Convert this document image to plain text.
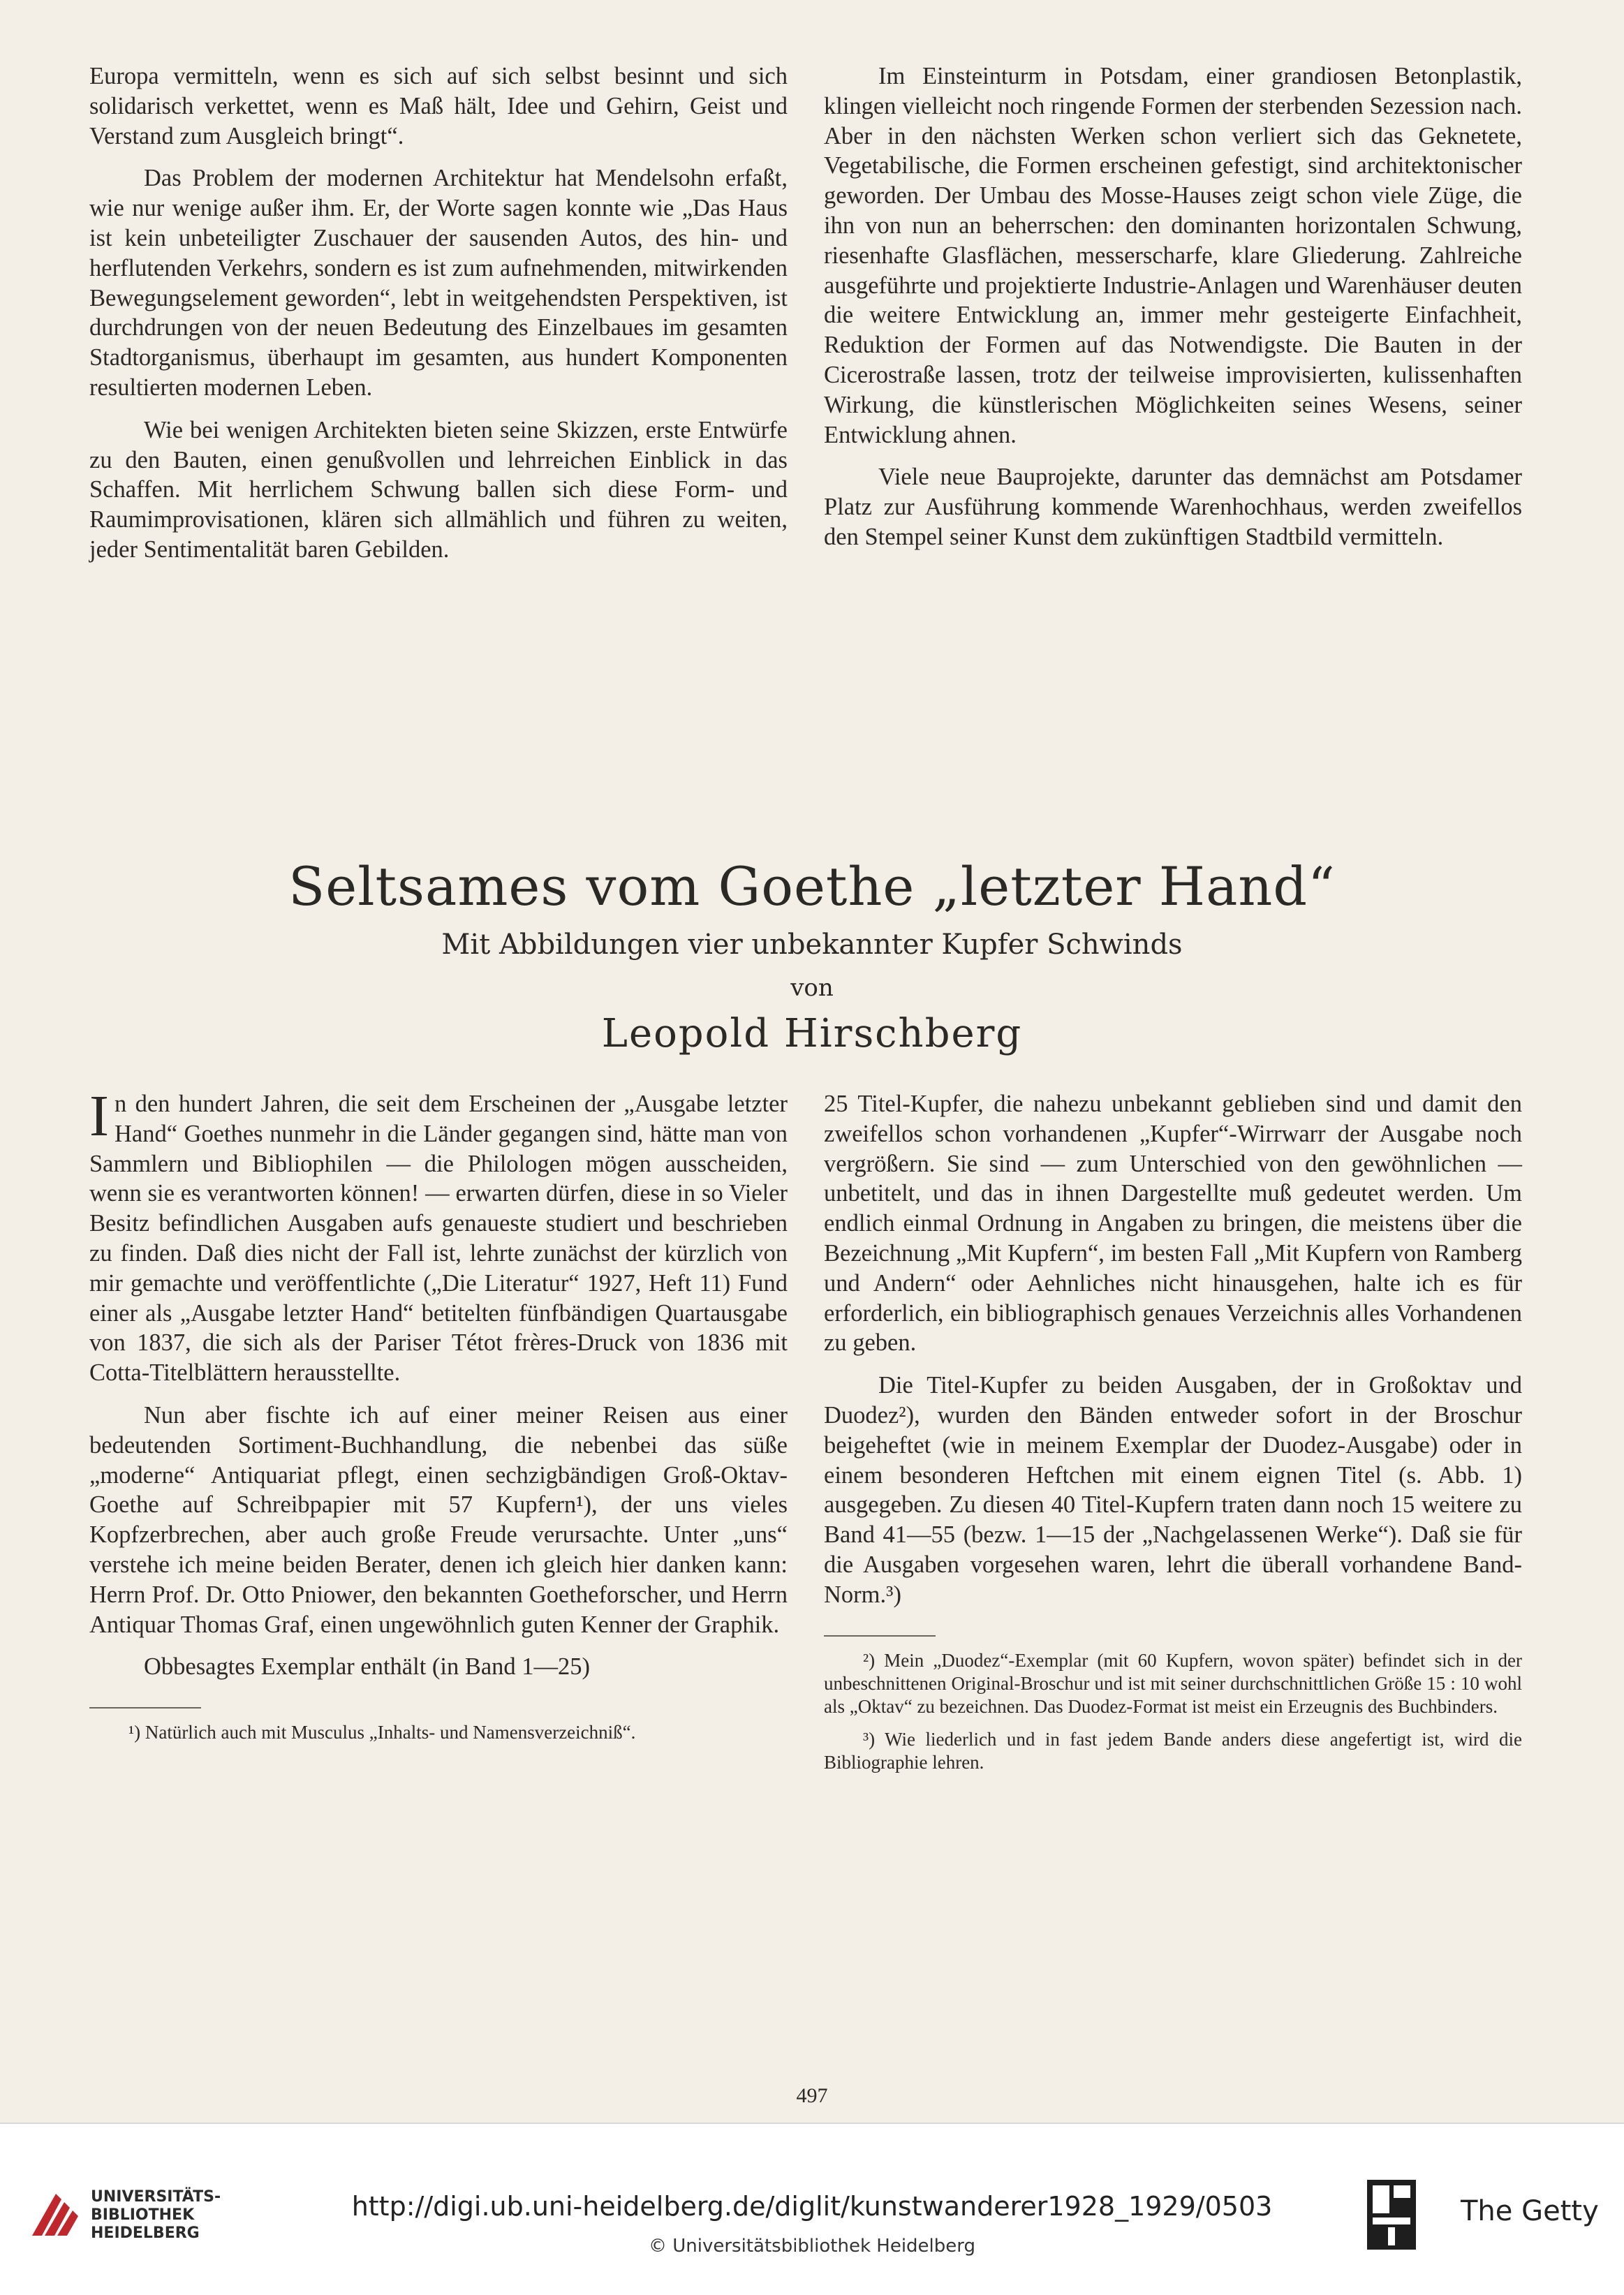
Europa vermitteln, wenn es sich auf sich selbst besinnt und sich solidarisch verkettet, wenn es Maß hält, Idee und Gehirn, Geist und Verstand zum Ausgleich bringt“.

Das Problem der modernen Architektur hat Mendelsohn erfaßt, wie nur wenige außer ihm. Er, der Worte sagen konnte wie „Das Haus ist kein unbeteiligter Zuschauer der sausenden Autos, des hin- und herflutenden Verkehrs, sondern es ist zum aufnehmenden, mitwirkenden Bewegungselement geworden“, lebt in weitgehendsten Perspektiven, ist durchdrungen von der neuen Bedeutung des Einzelbaues im gesamten Stadtorganismus, überhaupt im gesamten, aus hundert Komponenten resultierten modernen Leben.

Wie bei wenigen Architekten bieten seine Skizzen, erste Entwürfe zu den Bauten, einen genußvollen und lehrreichen Einblick in das Schaffen. Mit herrlichem Schwung ballen sich diese Form- und Raumimprovisationen, klären sich allmählich und führen zu weiten, jeder Sentimentalität baren Gebilden.

Im Einsteinturm in Potsdam, einer grandiosen Betonplastik, klingen vielleicht noch ringende Formen der sterbenden Sezession nach. Aber in den nächsten Werken schon verliert sich das Geknetete, Vegetabilische, die Formen erscheinen gefestigt, sind architektonischer geworden. Der Umbau des Mosse-Hauses zeigt schon viele Züge, die ihn von nun an beherrschen: den dominanten horizontalen Schwung, riesenhafte Glasflächen, messerscharfe, klare Gliederung. Zahlreiche ausgeführte und projektierte Industrie-Anlagen und Warenhäuser deuten die weitere Entwicklung an, immer mehr gesteigerte Einfachheit, Reduktion der Formen auf das Notwendigste. Die Bauten in der Cicerostraße lassen, trotz der teilweise improvisierten, kulissenhaften Wirkung, die künstlerischen Möglichkeiten seines Wesens, seiner Entwicklung ahnen.

Viele neue Bauprojekte, darunter das demnächst am Potsdamer Platz zur Ausführung kommende Warenhochhaus, werden zweifellos den Stempel seiner Kunst dem zukünftigen Stadtbild vermitteln.

Seltsames vom Goethe „letzter Hand“
Mit Abbildungen vier unbekannter Kupfer Schwinds
von
Leopold Hirschberg

In den hundert Jahren, die seit dem Erscheinen der „Ausgabe letzter Hand“ Goethes nunmehr in die Länder gegangen sind, hätte man von Sammlern und Bibliophilen — die Philologen mögen ausscheiden, wenn sie es verantworten können! — erwarten dürfen, diese in so Vieler Besitz befindlichen Ausgaben aufs genaueste studiert und beschrieben zu finden. Daß dies nicht der Fall ist, lehrte zunächst der kürzlich von mir gemachte und veröffentlichte („Die Literatur“ 1927, Heft 11) Fund einer als „Ausgabe letzter Hand“ betitelten fünfbändigen Quartausgabe von 1837, die sich als der Pariser Tétot frères-Druck von 1836 mit Cotta-Titelblättern herausstellte.

Nun aber fischte ich auf einer meiner Reisen aus einer bedeutenden Sortiment-Buchhandlung, die nebenbei das süße „moderne“ Antiquariat pflegt, einen sechzigbändigen Groß-Oktav-Goethe auf Schreibpapier mit 57 Kupfern¹), der uns vieles Kopfzerbrechen, aber auch große Freude verursachte. Unter „uns“ verstehe ich meine beiden Berater, denen ich gleich hier danken kann: Herrn Prof. Dr. Otto Pniower, den bekannten Goetheforscher, und Herrn Antiquar Thomas Graf, einen ungewöhnlich guten Kenner der Graphik.

Obbesagtes Exemplar enthält (in Band 1—25)

¹) Natürlich auch mit Musculus „Inhalts- und Namensverzeichniß“.

25 Titel-Kupfer, die nahezu unbekannt geblieben sind und damit den zweifellos schon vorhandenen „Kupfer“-Wirrwarr der Ausgabe noch vergrößern. Sie sind — zum Unterschied von den gewöhnlichen — unbetitelt, und das in ihnen Dargestellte muß gedeutet werden. Um endlich einmal Ordnung in Angaben zu bringen, die meistens über die Bezeichnung „Mit Kupfern“, im besten Fall „Mit Kupfern von Ramberg und Andern“ oder Aehnliches nicht hinausgehen, halte ich es für erforderlich, ein bibliographisch genaues Verzeichnis alles Vorhandenen zu geben.

Die Titel-Kupfer zu beiden Ausgaben, der in Großoktav und Duodez²), wurden den Bänden entweder sofort in der Broschur beigeheftet (wie in meinem Exemplar der Duodez-Ausgabe) oder in einem besonderen Heftchen mit einem eignen Titel (s. Abb. 1) ausgegeben. Zu diesen 40 Titel-Kupfern traten dann noch 15 weitere zu Band 41—55 (bezw. 1—15 der „Nachgelassenen Werke“). Daß sie für die Ausgaben vorgesehen waren, lehrt die überall vorhandene Band-Norm.³)

²) Mein „Duodez“-Exemplar (mit 60 Kupfern, wovon später) befindet sich in der unbeschnittenen Original-Broschur und ist mit seiner durchschnittlichen Größe 15 : 10 wohl als „Oktav“ zu bezeichnen. Das Duodez-Format ist meist ein Erzeugnis des Buchbinders.

³) Wie liederlich und in fast jedem Bande anders diese angefertigt ist, wird die Bibliographie lehren.

497
UNIVERSITÄTS- BIBLIOTHEK HEIDELBERG
http://digi.ub.uni-heidelberg.de/diglit/kunstwanderer1928_1929/0503
© Universitätsbibliothek Heidelberg
The Getty
